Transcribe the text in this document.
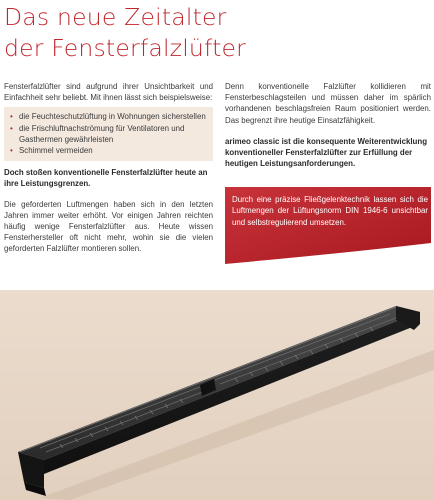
Das neue Zeitalter
der Fensterfalzlüfter

Fensterfalzlüfter sind aufgrund ihrer Unsichtbarkeit und Einfachheit sehr beliebt. Mit ihnen lässt sich beispielsweise:

• die Feuchteschutzlüftung in Wohnungen sicherstellen
• die Frischluftnachströmung für Ventilatoren und Gasthermen gewährleisten
• Schimmel vermeiden

Doch stoßen konventionelle Fensterfalzlüfter heute an ihre Leistungsgrenzen.

Die geforderten Luftmengen haben sich in den letzten Jahren immer weiter erhöht. Vor einigen Jahren reichten häufig wenige Fensterfalzlüfter aus. Heute wissen Fensterhersteller oft nicht mehr, wohin sie die vielen geforderten Falzlüfter montieren sollen.

Denn konventionelle Falzlüfter kollidieren mit Fensterbeschlagsteilen und müssen daher im spärlich vorhandenen beschlagsfreien Raum positioniert werden. Das begrenzt ihre heutige Einsatzfähigkeit.

arimeo classic ist die konsequente Weiterentwicklung konventioneller Fensterfalzlüfter zur Erfüllung der heutigen Leistungsanforderungen.

Durch eine präzise Fließgelenktechnik lassen sich die Luftmengen der Lüftungsnorm DIN 1946-6 unsichtbar und selbstregulierend umsetzen.
